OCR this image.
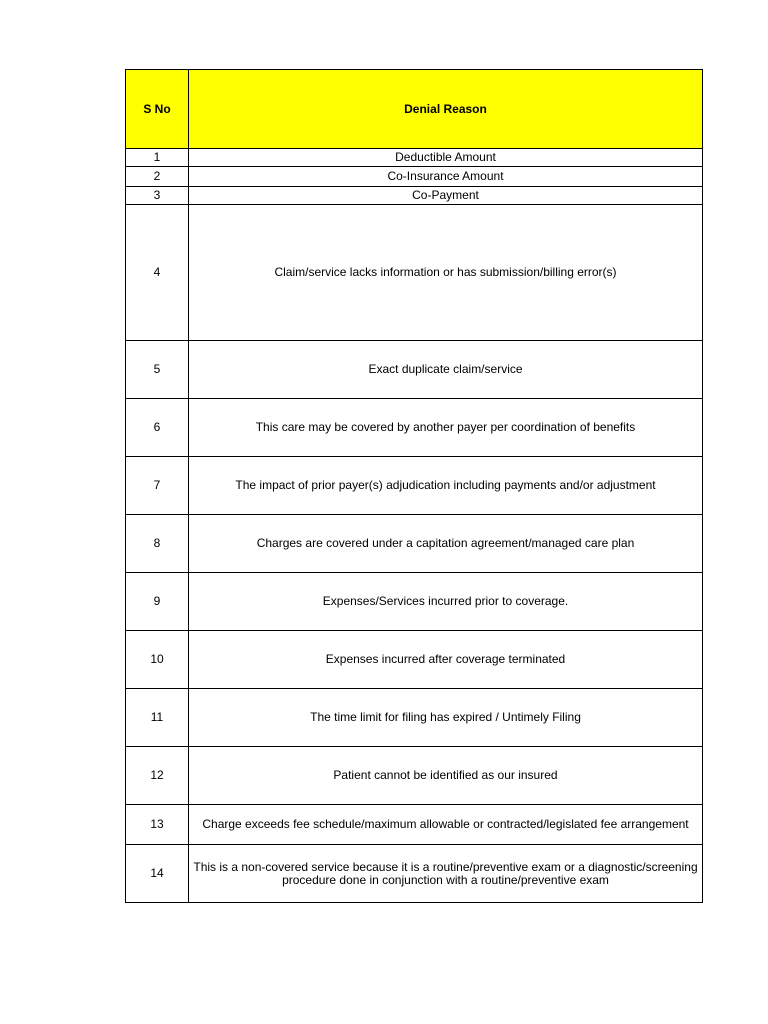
S No	Denial Reason
1	Deductible Amount
2	Co-Insurance Amount
3	Co-Payment
4	Claim/service lacks information or has submission/billing error(s)
5	Exact duplicate claim/service
6	This care may be covered by another payer per coordination of benefits
7	The impact of prior payer(s) adjudication including payments and/or adjustment
8	Charges are covered under a capitation agreement/managed care plan
9	Expenses/Services incurred prior to coverage.
10	Expenses incurred after coverage terminated
11	The time limit for filing has expired / Untimely Filing
12	Patient cannot be identified as our insured
13	Charge exceeds fee schedule/maximum allowable or contracted/legislated fee arrangement
14	This is a non-covered service because it is a routine/preventive exam or a diagnostic/screening procedure done in conjunction with a routine/preventive exam
